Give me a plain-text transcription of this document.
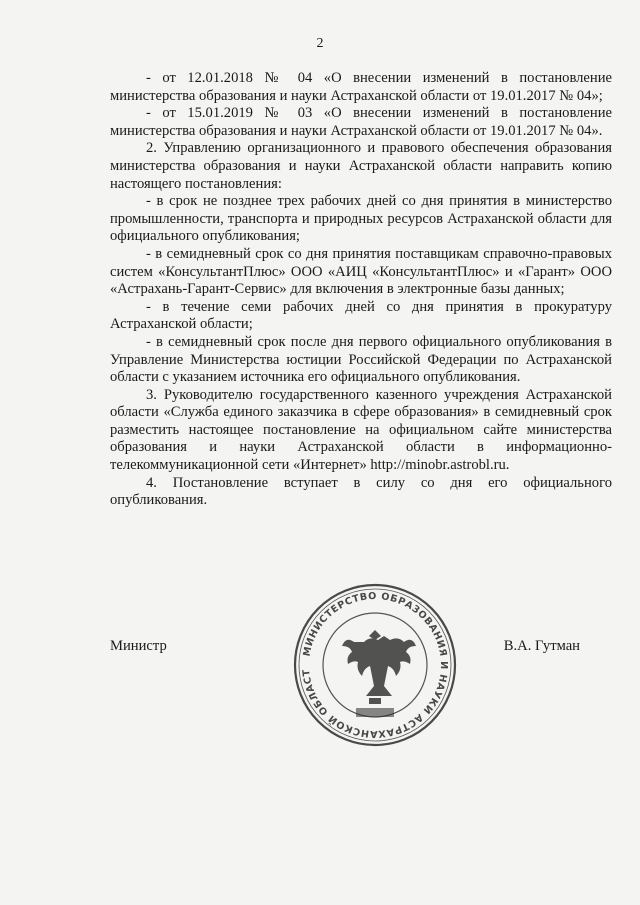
2

- от 12.01.2018 № 04 «О внесении изменений в постановление министерства образования и науки Астраханской области от 19.01.2017 № 04»;

- от 15.01.2019 № 03 «О внесении изменений в постановление министерства образования и науки Астраханской области от 19.01.2017 № 04».

2. Управлению организационного и правового обеспечения образования министерства образования и науки Астраханской области направить копию настоящего постановления:

- в срок не позднее трех рабочих дней со дня принятия в министерство промышленности, транспорта и природных ресурсов Астраханской области для официального опубликования;

- в семидневный срок со дня принятия поставщикам справочно-правовых систем «КонсультантПлюс» ООО «АИЦ «КонсультантПлюс» и «Гарант» ООО «Астрахань-Гарант-Сервис» для включения в электронные базы данных;

- в течение семи рабочих дней со дня принятия в прокуратуру Астраханской области;

- в семидневный срок после дня первого официального опубликования в Управление Министерства юстиции Российской Федерации по Астраханской области с указанием источника его официального опубликования.

3. Руководителю государственного казенного учреждения Астраханской области «Служба единого заказчика в сфере образования» в семидневный срок разместить настоящее постановление на официальном сайте министерства образования и науки Астраханской области в информационно-телекоммуникационной сети «Интернет» http://minobr.astrobl.ru.

4. Постановление вступает в силу со дня его официального опубликования.

МИНИСТЕРСТВО ОБРАЗОВАНИЯ И НАУКИ АСТРАХАНСКОЙ ОБЛАСТ
Министр	В.А. Гутман
